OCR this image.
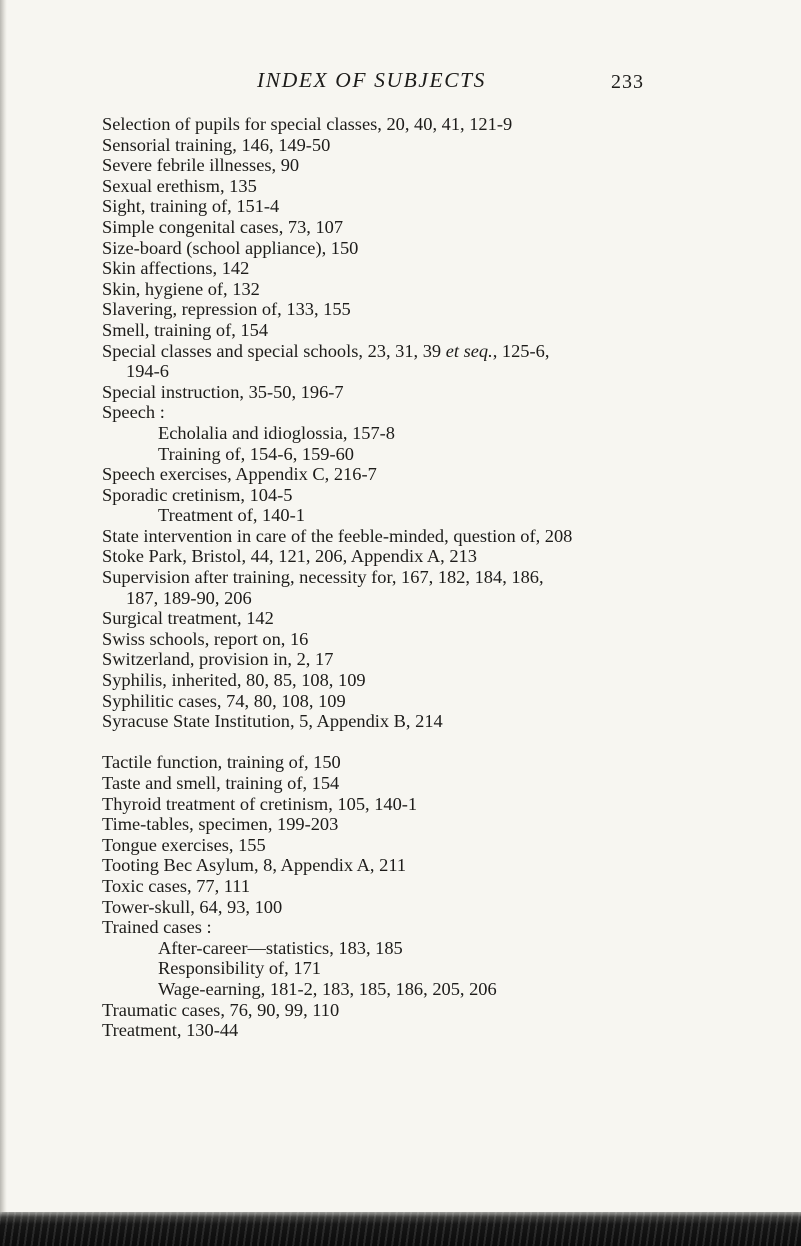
INDEX OF SUBJECTS	233
Selection of pupils for special classes, 20, 40, 41, 121-9
Sensorial training, 146, 149-50
Severe febrile illnesses, 90
Sexual erethism, 135
Sight, training of, 151-4
Simple congenital cases, 73, 107
Size-board (school appliance), 150
Skin affections, 142
Skin, hygiene of, 132
Slavering, repression of, 133, 155
Smell, training of, 154
Special classes and special schools, 23, 31, 39 et seq., 125-6,
194-6
Special instruction, 35-50, 196-7
Speech :
Echolalia and idioglossia, 157-8
Training of, 154-6, 159-60
Speech exercises, Appendix C, 216-7
Sporadic cretinism, 104-5
Treatment of, 140-1
State intervention in care of the feeble-minded, question of, 208
Stoke Park, Bristol, 44, 121, 206, Appendix A, 213
Supervision after training, necessity for, 167, 182, 184, 186,
187, 189-90, 206
Surgical treatment, 142
Swiss schools, report on, 16
Switzerland, provision in, 2, 17
Syphilis, inherited, 80, 85, 108, 109
Syphilitic cases, 74, 80, 108, 109
Syracuse State Institution, 5, Appendix B, 214
Tactile function, training of, 150
Taste and smell, training of, 154
Thyroid treatment of cretinism, 105, 140-1
Time-tables, specimen, 199-203
Tongue exercises, 155
Tooting Bec Asylum, 8, Appendix A, 211
Toxic cases, 77, 111
Tower-skull, 64, 93, 100
Trained cases :
After-career—statistics, 183, 185
Responsibility of, 171
Wage-earning, 181-2, 183, 185, 186, 205, 206
Traumatic cases, 76, 90, 99, 110
Treatment, 130-44
